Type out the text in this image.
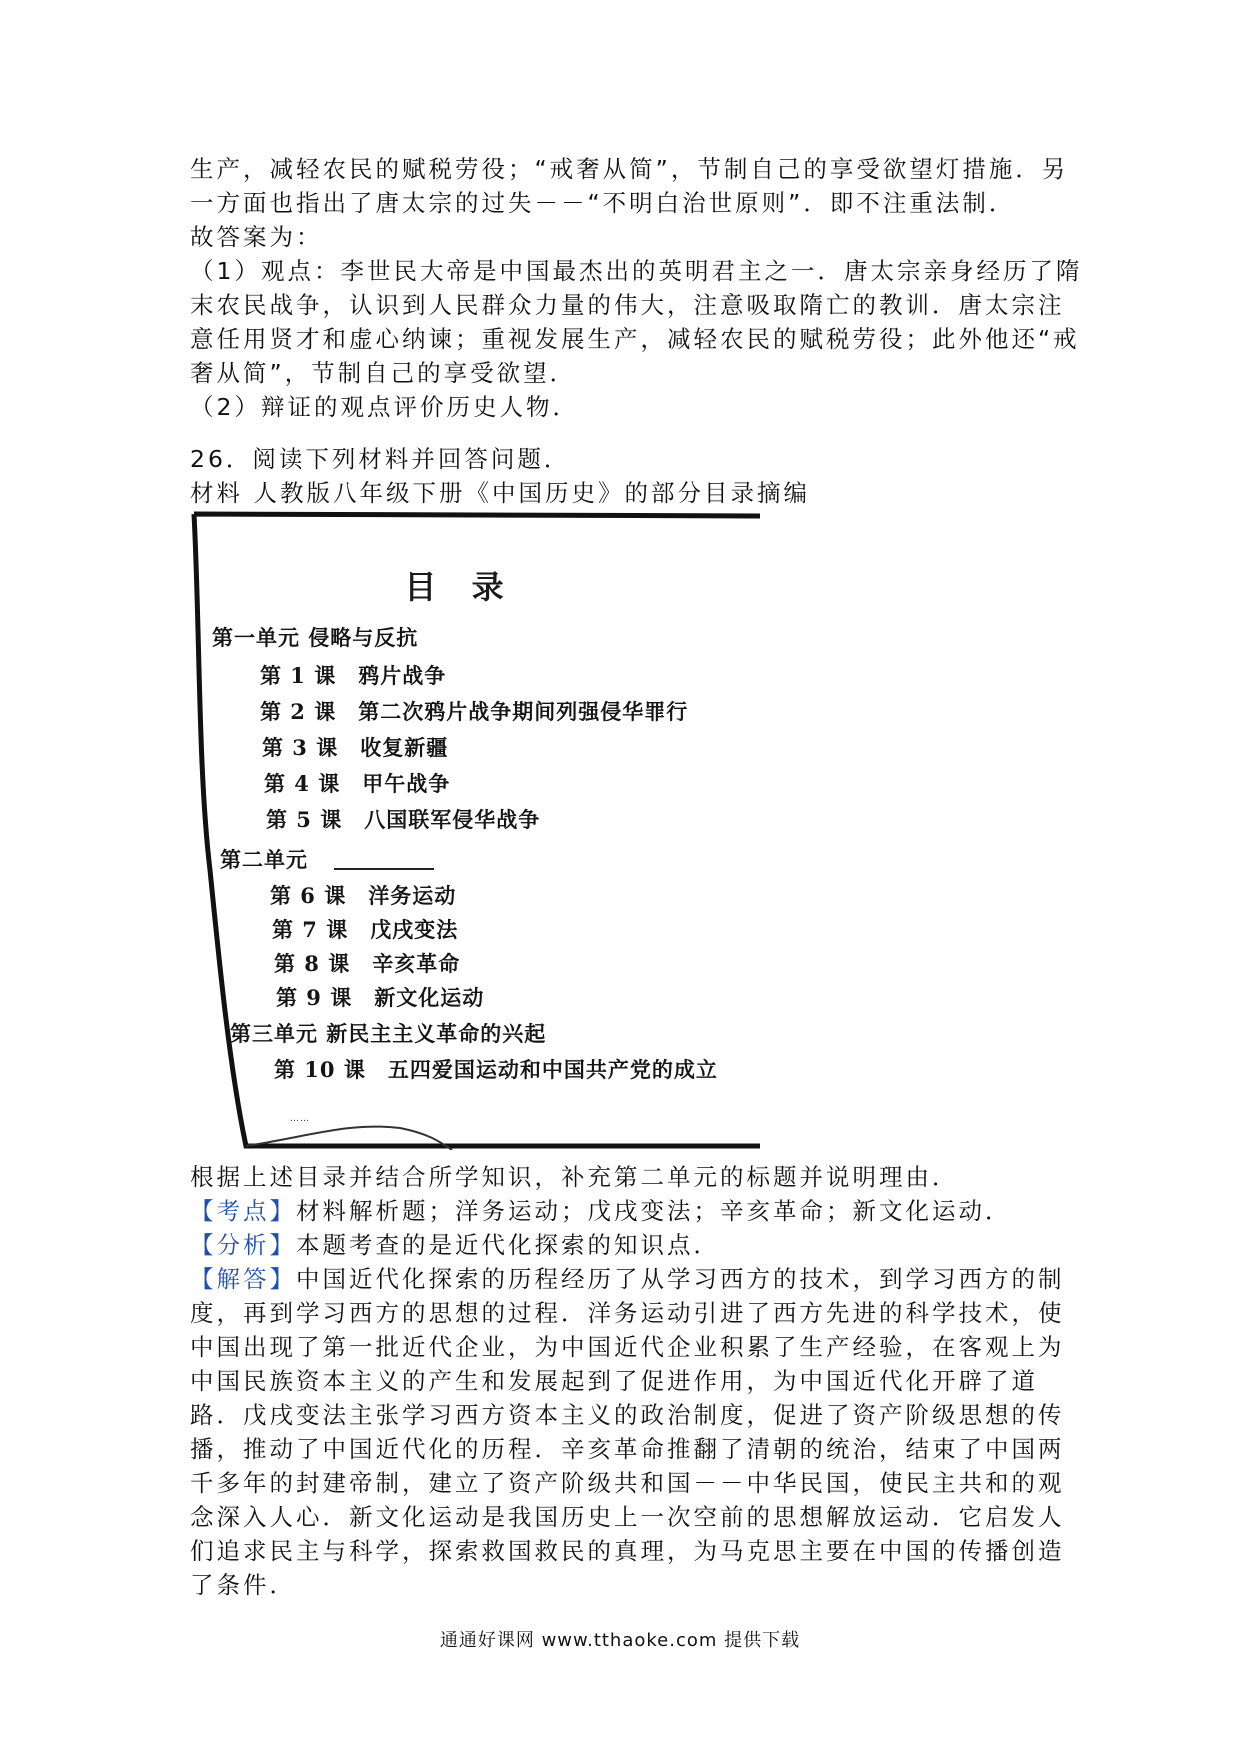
生产，减轻农民的赋税劳役；“戒奢从简”，节制自己的享受欲望灯措施．另
一方面也指出了唐太宗的过失－－“不明白治世原则”．即不注重法制．
故答案为：
（1）观点：李世民大帝是中国最杰出的英明君主之一．唐太宗亲身经历了隋
末农民战争，认识到人民群众力量的伟大，注意吸取隋亡的教训．唐太宗注
意任用贤才和虚心纳谏；重视发展生产，减轻农民的赋税劳役；此外他还“戒
奢从简”，节制自己的享受欲望．
（2）辩证的观点评价历史人物．
26．阅读下列材料并回答问题．
材料 人教版八年级下册《中国历史》的部分目录摘编
目 录
第一单元 侵略与反抗
第 1 课 鸦片战争
第 2 课 第二次鸦片战争期间列强侵华罪行
第 3 课 收复新疆
第 4 课 甲午战争
第 5 课 八国联军侵华战争
第二单元
第 6 课 洋务运动
第 7 课 戊戌变法
第 8 课 辛亥革命
第 9 课 新文化运动
第三单元 新民主主义革命的兴起
第 10 课 五四爱国运动和中国共产党的成立
……
根据上述目录并结合所学知识，补充第二单元的标题并说明理由．
【考点】材料解析题；洋务运动；戊戌变法；辛亥革命；新文化运动．
【分析】本题考查的是近代化探索的知识点．
【解答】中国近代化探索的历程经历了从学习西方的技术，到学习西方的制
度，再到学习西方的思想的过程．洋务运动引进了西方先进的科学技术，使
中国出现了第一批近代企业，为中国近代企业积累了生产经验，在客观上为
中国民族资本主义的产生和发展起到了促进作用，为中国近代化开辟了道
路．戊戌变法主张学习西方资本主义的政治制度，促进了资产阶级思想的传
播，推动了中国近代化的历程．辛亥革命推翻了清朝的统治，结束了中国两
千多年的封建帝制，建立了资产阶级共和国－－中华民国，使民主共和的观
念深入人心．新文化运动是我国历史上一次空前的思想解放运动．它启发人
们追求民主与科学，探索救国救民的真理，为马克思主要在中国的传播创造
了条件．
通通好课网 www.tthaoke.com 提供下载
